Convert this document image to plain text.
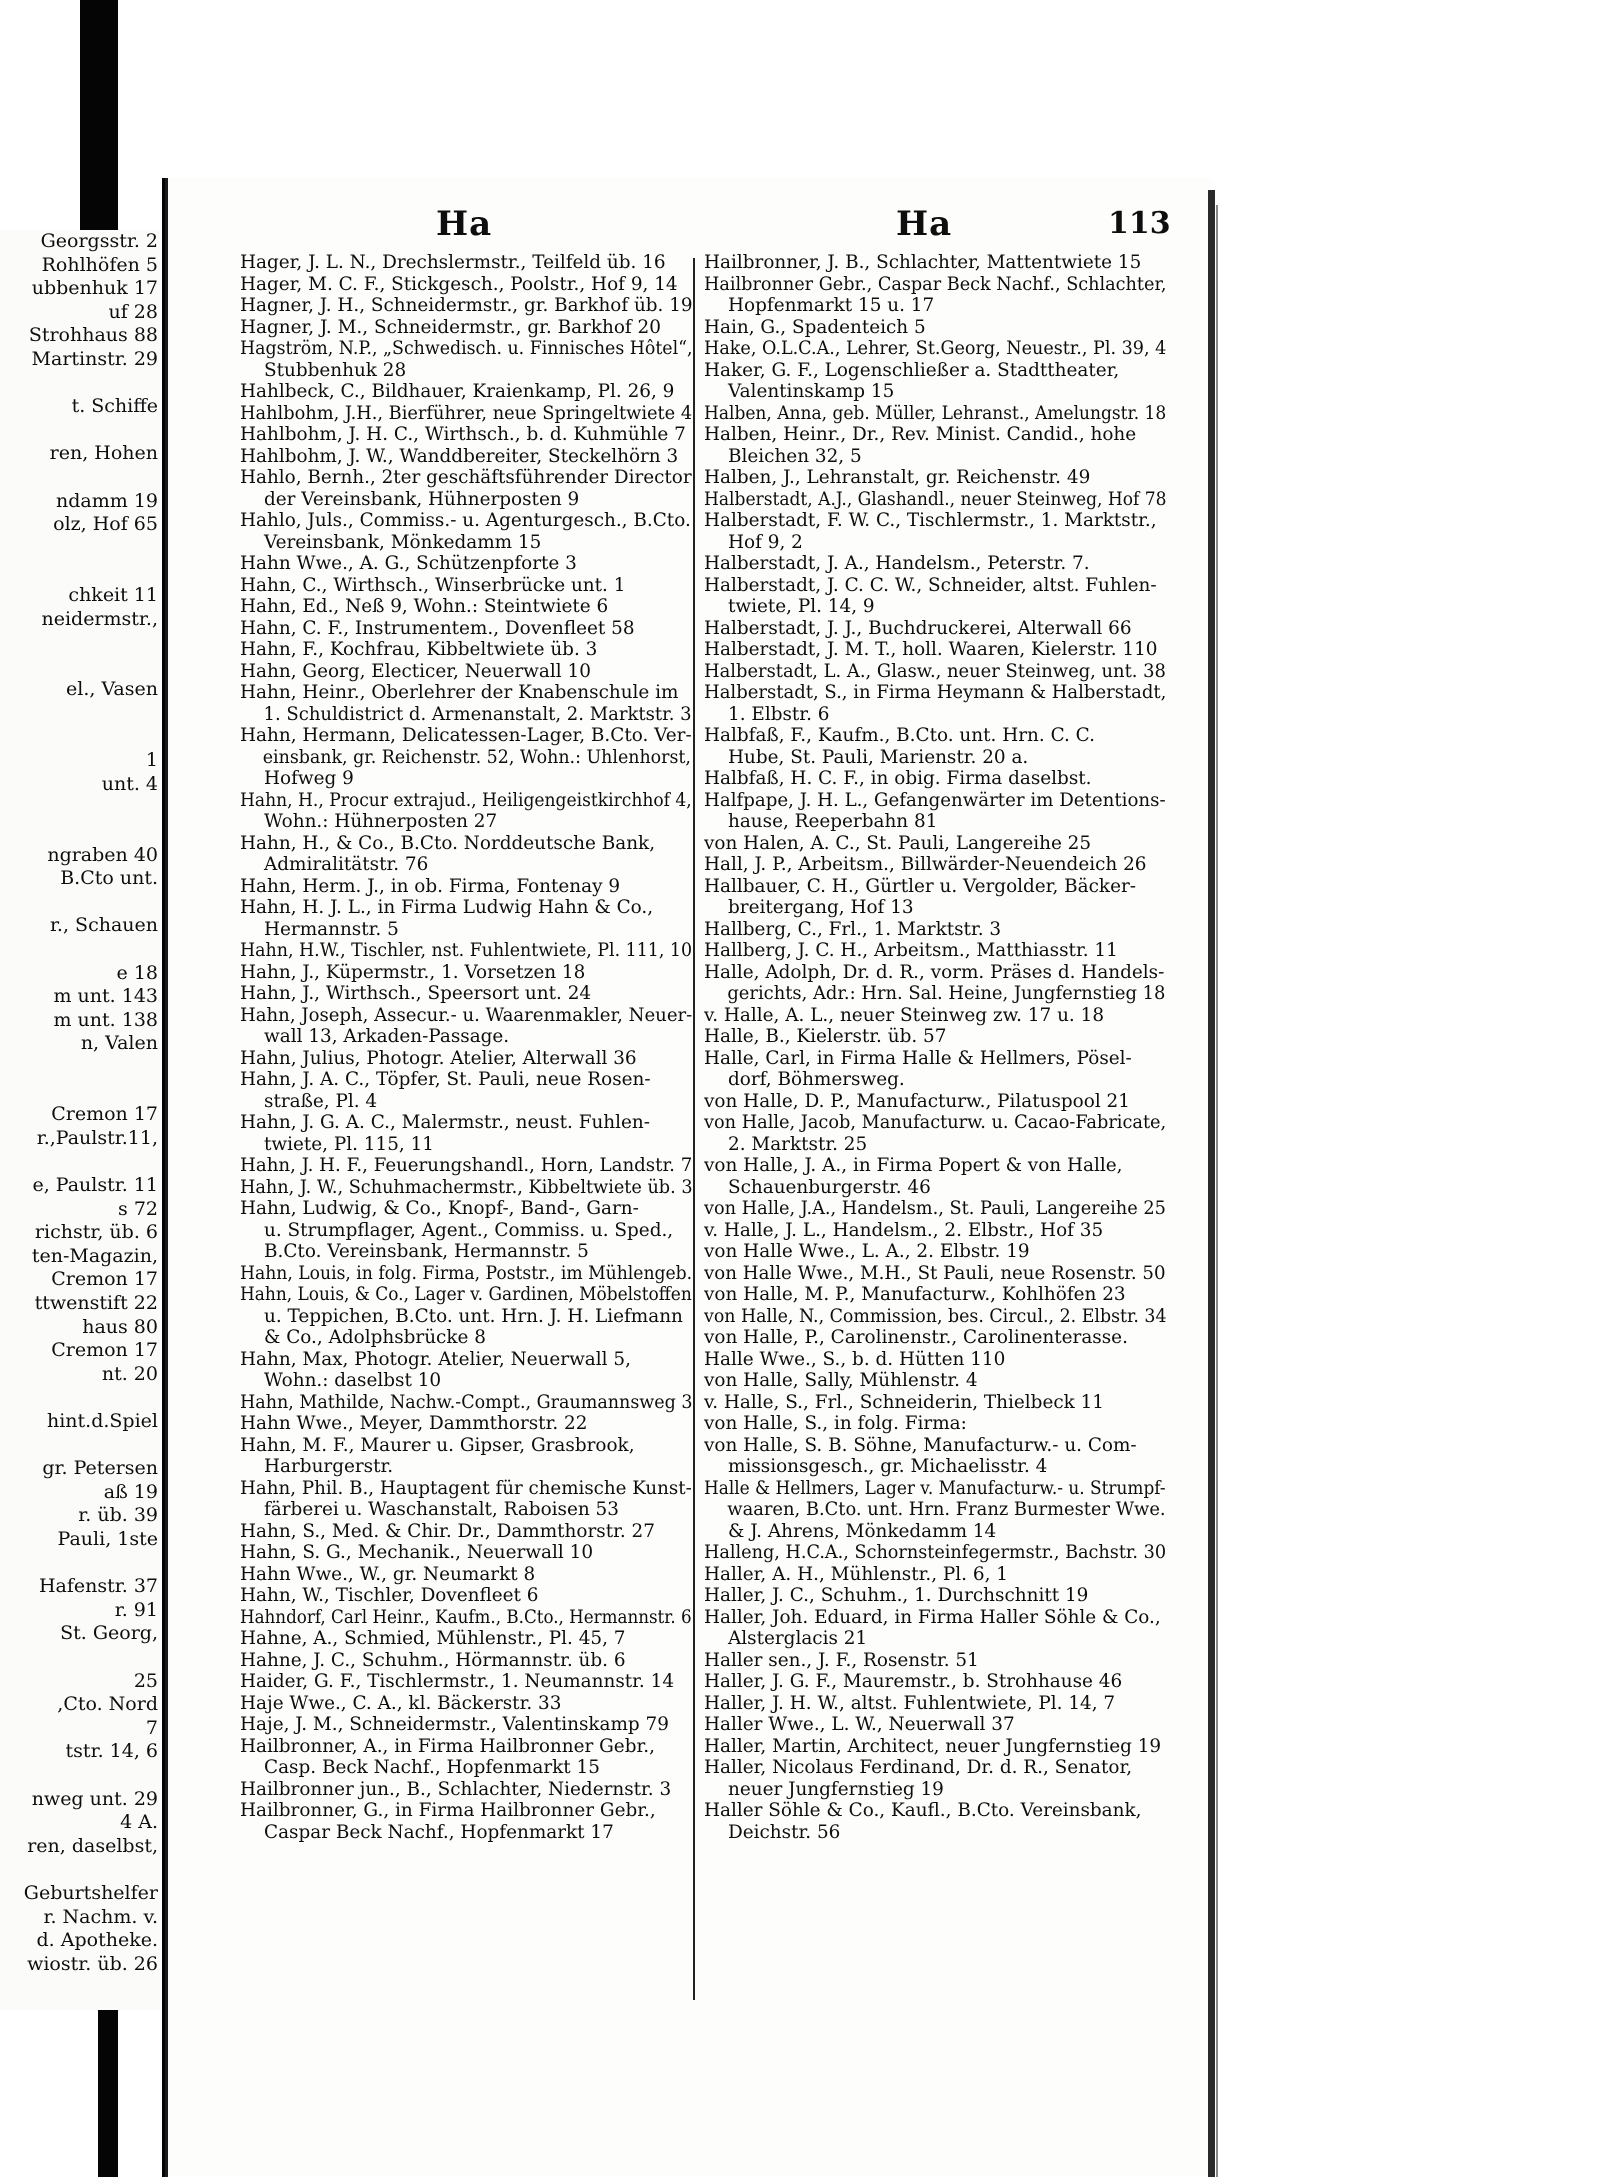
Georgsstr. 2
Rohlhöfen 5
ubbenhuk 17
uf 28
Strohhaus 88
Martinstr. 29
t. Schiffe
ren, Hohen
ndamm 19
olz, Hof 65
chkeit 11
neidermstr.,
el., Vasen
1
unt. 4
ngraben 40
B.Cto unt.
r., Schauen
e 18
m unt. 143
m unt. 138
n, Valen
Cremon 17
r.,Paulstr.11,
e, Paulstr. 11
s 72
richstr, üb. 6
ten-Magazin,
Cremon 17
ttwenstift 22
haus 80
Cremon 17
nt. 20
hint.d.Spiel
gr. Petersen
aß 19
r. üb. 39
Pauli, 1ste
Hafenstr. 37
r. 91
St. Georg,
25
,Cto. Nord
7
tstr. 14, 6
nweg unt. 29
4 A.
ren, daselbst,
Geburtshelfer
r. Nachm. v.
d. Apotheke.
wiostr. üb. 26
Ha	Ha	113
Hager, J. L. N., Drechslermstr., Teilfeld üb. 16
Hager, M. C. F., Stickgesch., Poolstr., Hof 9, 14
Hagner, J. H., Schneidermstr., gr. Barkhof üb. 19
Hagner, J. M., Schneidermstr., gr. Barkhof 20
Hagström, N.P., „Schwedisch. u. Finnisches Hôtel“,
Stubbenhuk 28
Hahlbeck, C., Bildhauer, Kraienkamp, Pl. 26, 9
Hahlbohm, J.H., Bierführer, neue Springeltwiete 4
Hahlbohm, J. H. C., Wirthsch., b. d. Kuhmühle 7
Hahlbohm, J. W., Wanddbereiter, Steckelhörn 3
Hahlo, Bernh., 2ter geschäftsführender Director
der Vereinsbank, Hühnerposten 9
Hahlo, Juls., Commiss.- u. Agenturgesch., B.Cto.
Vereinsbank, Mönkedamm 15
Hahn Wwe., A. G., Schützenpforte 3
Hahn, C., Wirthsch., Winserbrücke unt. 1
Hahn, Ed., Neß 9, Wohn.: Steintwiete 6
Hahn, C. F., Instrumentem., Dovenfleet 58
Hahn, F., Kochfrau, Kibbeltwiete üb. 3
Hahn, Georg, Electicer, Neuerwall 10
Hahn, Heinr., Oberlehrer der Knabenschule im
1. Schuldistrict d. Armenanstalt, 2. Marktstr. 3
Hahn, Hermann, Delicatessen-Lager, B.Cto. Ver-
einsbank, gr. Reichenstr. 52, Wohn.: Uhlenhorst,
Hofweg 9
Hahn, H., Procur extrajud., Heiligengeistkirchhof 4,
Wohn.: Hühnerposten 27
Hahn, H., & Co., B.Cto. Norddeutsche Bank,
Admiralitätstr. 76
Hahn, Herm. J., in ob. Firma, Fontenay 9
Hahn, H. J. L., in Firma Ludwig Hahn & Co.,
Hermannstr. 5
Hahn, H.W., Tischler, nst. Fuhlentwiete, Pl. 111, 10
Hahn, J., Küpermstr., 1. Vorsetzen 18
Hahn, J., Wirthsch., Speersort unt. 24
Hahn, Joseph, Assecur.- u. Waarenmakler, Neuer-
wall 13, Arkaden-Passage.
Hahn, Julius, Photogr. Atelier, Alterwall 36
Hahn, J. A. C., Töpfer, St. Pauli, neue Rosen-
straße, Pl. 4
Hahn, J. G. A. C., Malermstr., neust. Fuhlen-
twiete, Pl. 115, 11
Hahn, J. H. F., Feuerungshandl., Horn, Landstr. 7
Hahn, J. W., Schuhmachermstr., Kibbeltwiete üb. 3
Hahn, Ludwig, & Co., Knopf-, Band-, Garn-
u. Strumpflager, Agent., Commiss. u. Sped.,
B.Cto. Vereinsbank, Hermannstr. 5
Hahn, Louis, in folg. Firma, Poststr., im Mühlengeb.
Hahn, Louis, & Co., Lager v. Gardinen, Möbelstoffen
u. Teppichen, B.Cto. unt. Hrn. J. H. Liefmann
& Co., Adolphsbrücke 8
Hahn, Max, Photogr. Atelier, Neuerwall 5,
Wohn.: daselbst 10
Hahn, Mathilde, Nachw.-Compt., Graumannsweg 3
Hahn Wwe., Meyer, Dammthorstr. 22
Hahn, M. F., Maurer u. Gipser, Grasbrook,
Harburgerstr.
Hahn, Phil. B., Hauptagent für chemische Kunst-
färberei u. Waschanstalt, Raboisen 53
Hahn, S., Med. & Chir. Dr., Dammthorstr. 27
Hahn, S. G., Mechanik., Neuerwall 10
Hahn Wwe., W., gr. Neumarkt 8
Hahn, W., Tischler, Dovenfleet 6
Hahndorf, Carl Heinr., Kaufm., B.Cto., Hermannstr. 6
Hahne, A., Schmied, Mühlenstr., Pl. 45, 7
Hahne, J. C., Schuhm., Hörmannstr. üb. 6
Haider, G. F., Tischlermstr., 1. Neumannstr. 14
Haje Wwe., C. A., kl. Bäckerstr. 33
Haje, J. M., Schneidermstr., Valentinskamp 79
Hailbronner, A., in Firma Hailbronner Gebr.,
Casp. Beck Nachf., Hopfenmarkt 15
Hailbronner jun., B., Schlachter, Niedernstr. 3
Hailbronner, G., in Firma Hailbronner Gebr.,
Caspar Beck Nachf., Hopfenmarkt 17
Hailbronner, J. B., Schlachter, Mattentwiete 15
Hailbronner Gebr., Caspar Beck Nachf., Schlachter,
Hopfenmarkt 15 u. 17
Hain, G., Spadenteich 5
Hake, O.L.C.A., Lehrer, St.Georg, Neuestr., Pl. 39, 4
Haker, G. F., Logenschließer a. Stadttheater,
Valentinskamp 15
Halben, Anna, geb. Müller, Lehranst., Amelungstr. 18
Halben, Heinr., Dr., Rev. Minist. Candid., hohe
Bleichen 32, 5
Halben, J., Lehranstalt, gr. Reichenstr. 49
Halberstadt, A.J., Glashandl., neuer Steinweg, Hof 78
Halberstadt, F. W. C., Tischlermstr., 1. Marktstr.,
Hof 9, 2
Halberstadt, J. A., Handelsm., Peterstr. 7.
Halberstadt, J. C. C. W., Schneider, altst. Fuhlen-
twiete, Pl. 14, 9
Halberstadt, J. J., Buchdruckerei, Alterwall 66
Halberstadt, J. M. T., holl. Waaren, Kielerstr. 110
Halberstadt, L. A., Glasw., neuer Steinweg, unt. 38
Halberstadt, S., in Firma Heymann & Halberstadt,
1. Elbstr. 6
Halbfaß, F., Kaufm., B.Cto. unt. Hrn. C. C.
Hube, St. Pauli, Marienstr. 20 a.
Halbfaß, H. C. F., in obig. Firma daselbst.
Halfpape, J. H. L., Gefangenwärter im Detentions-
hause, Reeperbahn 81
von Halen, A. C., St. Pauli, Langereihe 25
Hall, J. P., Arbeitsm., Billwärder-Neuendeich 26
Hallbauer, C. H., Gürtler u. Vergolder, Bäcker-
breitergang, Hof 13
Hallberg, C., Frl., 1. Marktstr. 3
Hallberg, J. C. H., Arbeitsm., Matthiasstr. 11
Halle, Adolph, Dr. d. R., vorm. Präses d. Handels-
gerichts, Adr.: Hrn. Sal. Heine, Jungfernstieg 18
v. Halle, A. L., neuer Steinweg zw. 17 u. 18
Halle, B., Kielerstr. üb. 57
Halle, Carl, in Firma Halle & Hellmers, Pösel-
dorf, Böhmersweg.
von Halle, D. P., Manufacturw., Pilatuspool 21
von Halle, Jacob, Manufacturw. u. Cacao-Fabricate,
2. Marktstr. 25
von Halle, J. A., in Firma Popert & von Halle,
Schauenburgerstr. 46
von Halle, J.A., Handelsm., St. Pauli, Langereihe 25
v. Halle, J. L., Handelsm., 2. Elbstr., Hof 35
von Halle Wwe., L. A., 2. Elbstr. 19
von Halle Wwe., M.H., St Pauli, neue Rosenstr. 50
von Halle, M. P., Manufacturw., Kohlhöfen 23
von Halle, N., Commission, bes. Circul., 2. Elbstr. 34
von Halle, P., Carolinenstr., Carolinenterasse.
Halle Wwe., S., b. d. Hütten 110
von Halle, Sally, Mühlenstr. 4
v. Halle, S., Frl., Schneiderin, Thielbeck 11
von Halle, S., in folg. Firma:
von Halle, S. B. Söhne, Manufacturw.- u. Com-
missionsgesch., gr. Michaelisstr. 4
Halle & Hellmers, Lager v. Manufacturw.- u. Strumpf-
waaren, B.Cto. unt. Hrn. Franz Burmester Wwe.
& J. Ahrens, Mönkedamm 14
Halleng, H.C.A., Schornsteinfegermstr., Bachstr. 30
Haller, A. H., Mühlenstr., Pl. 6, 1
Haller, J. C., Schuhm., 1. Durchschnitt 19
Haller, Joh. Eduard, in Firma Haller Söhle & Co.,
Alsterglacis 21
Haller sen., J. F., Rosenstr. 51
Haller, J. G. F., Mauremstr., b. Strohhause 46
Haller, J. H. W., altst. Fuhlentwiete, Pl. 14, 7
Haller Wwe., L. W., Neuerwall 37
Haller, Martin, Architect, neuer Jungfernstieg 19
Haller, Nicolaus Ferdinand, Dr. d. R., Senator,
neuer Jungfernstieg 19
Haller Söhle & Co., Kaufl., B.Cto. Vereinsbank,
Deichstr. 56
